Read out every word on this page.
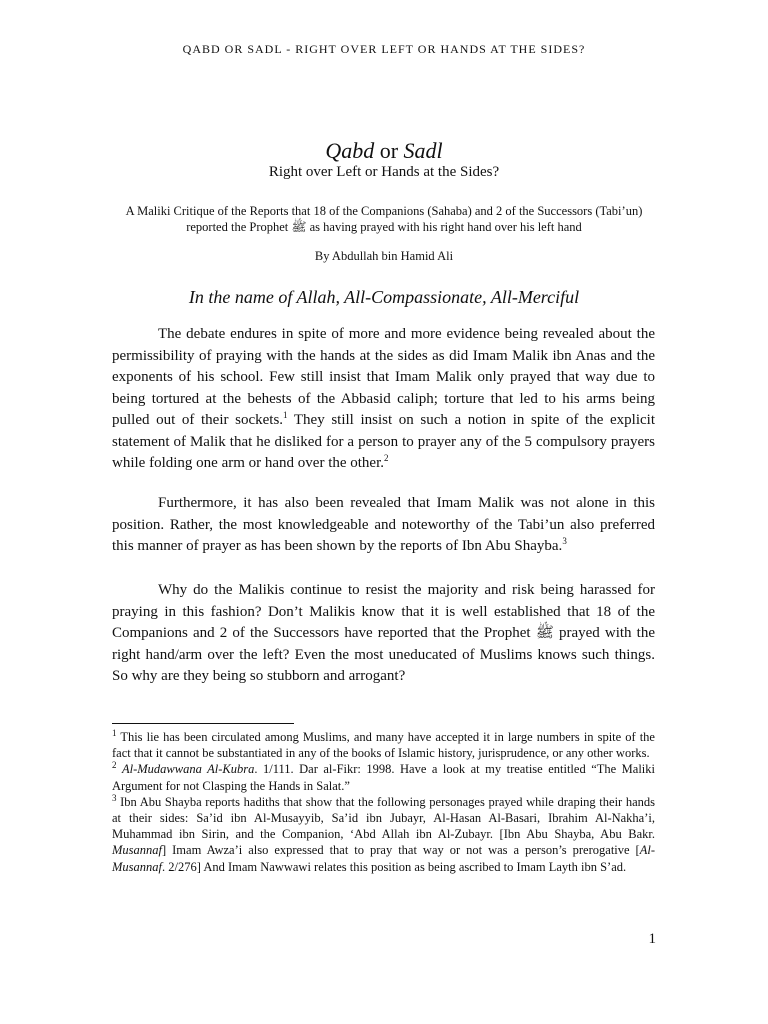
QABD OR SADL - RIGHT OVER LEFT OR HANDS AT THE SIDES?
Qabd or Sadl
Right over Left or Hands at the Sides?
A Maliki Critique of the Reports that 18 of the Companions (Sahaba) and 2 of the Successors (Tabi’un) reported the Prophet ﷺ as having prayed with his right hand over his left hand
By Abdullah bin Hamid Ali
In the name of Allah, All-Compassionate, All-Merciful

The debate endures in spite of more and more evidence being revealed about the permissibility of praying with the hands at the sides as did Imam Malik ibn Anas and the exponents of his school. Few still insist that Imam Malik only prayed that way due to being tortured at the behests of the Abbasid caliph; torture that led to his arms being pulled out of their sockets.$^1$ They still insist on such a notion in spite of the explicit statement of Malik that he disliked for a person to prayer any of the 5 compulsory prayers while folding one arm or hand over the other.$^2$

Furthermore, it has also been revealed that Imam Malik was not alone in this position. Rather, the most knowledgeable and noteworthy of the Tabi’un also preferred this manner of prayer as has been shown by the reports of Ibn Abu Shayba.$^3$

Why do the Malikis continue to resist the majority and risk being harassed for praying in this fashion? Don’t Malikis know that it is well established that 18 of the Companions and 2 of the Successors have reported that the Prophet ﷺ prayed with the right hand/arm over the left? Even the most uneducated of Muslims knows such things. So why are they being so stubborn and arrogant?

$^1$ This lie has been circulated among Muslims, and many have accepted it in large numbers in spite of the fact that it cannot be substantiated in any of the books of Islamic history, jurisprudence, or any other works.

$^2$ Al-Mudawwana Al-Kubra. 1/111. Dar al-Fikr: 1998. Have a look at my treatise entitled “The Maliki Argument for not Clasping the Hands in Salat.”

$^3$ Ibn Abu Shayba reports hadiths that show that the following personages prayed while draping their hands at their sides: Sa’id ibn Al-Musayyib, Sa’id ibn Jubayr, Al-Hasan Al-Basari, Ibrahim Al-Nakha’i, Muhammad ibn Sirin, and the Companion, ‘Abd Allah ibn Al-Zubayr. [Ibn Abu Shayba, Abu Bakr. Musannaf] Imam Awza’i also expressed that to pray that way or not was a person’s prerogative [Al-Musannaf. 2/276] And Imam Nawwawi relates this position as being ascribed to Imam Layth ibn S’ad.

1
